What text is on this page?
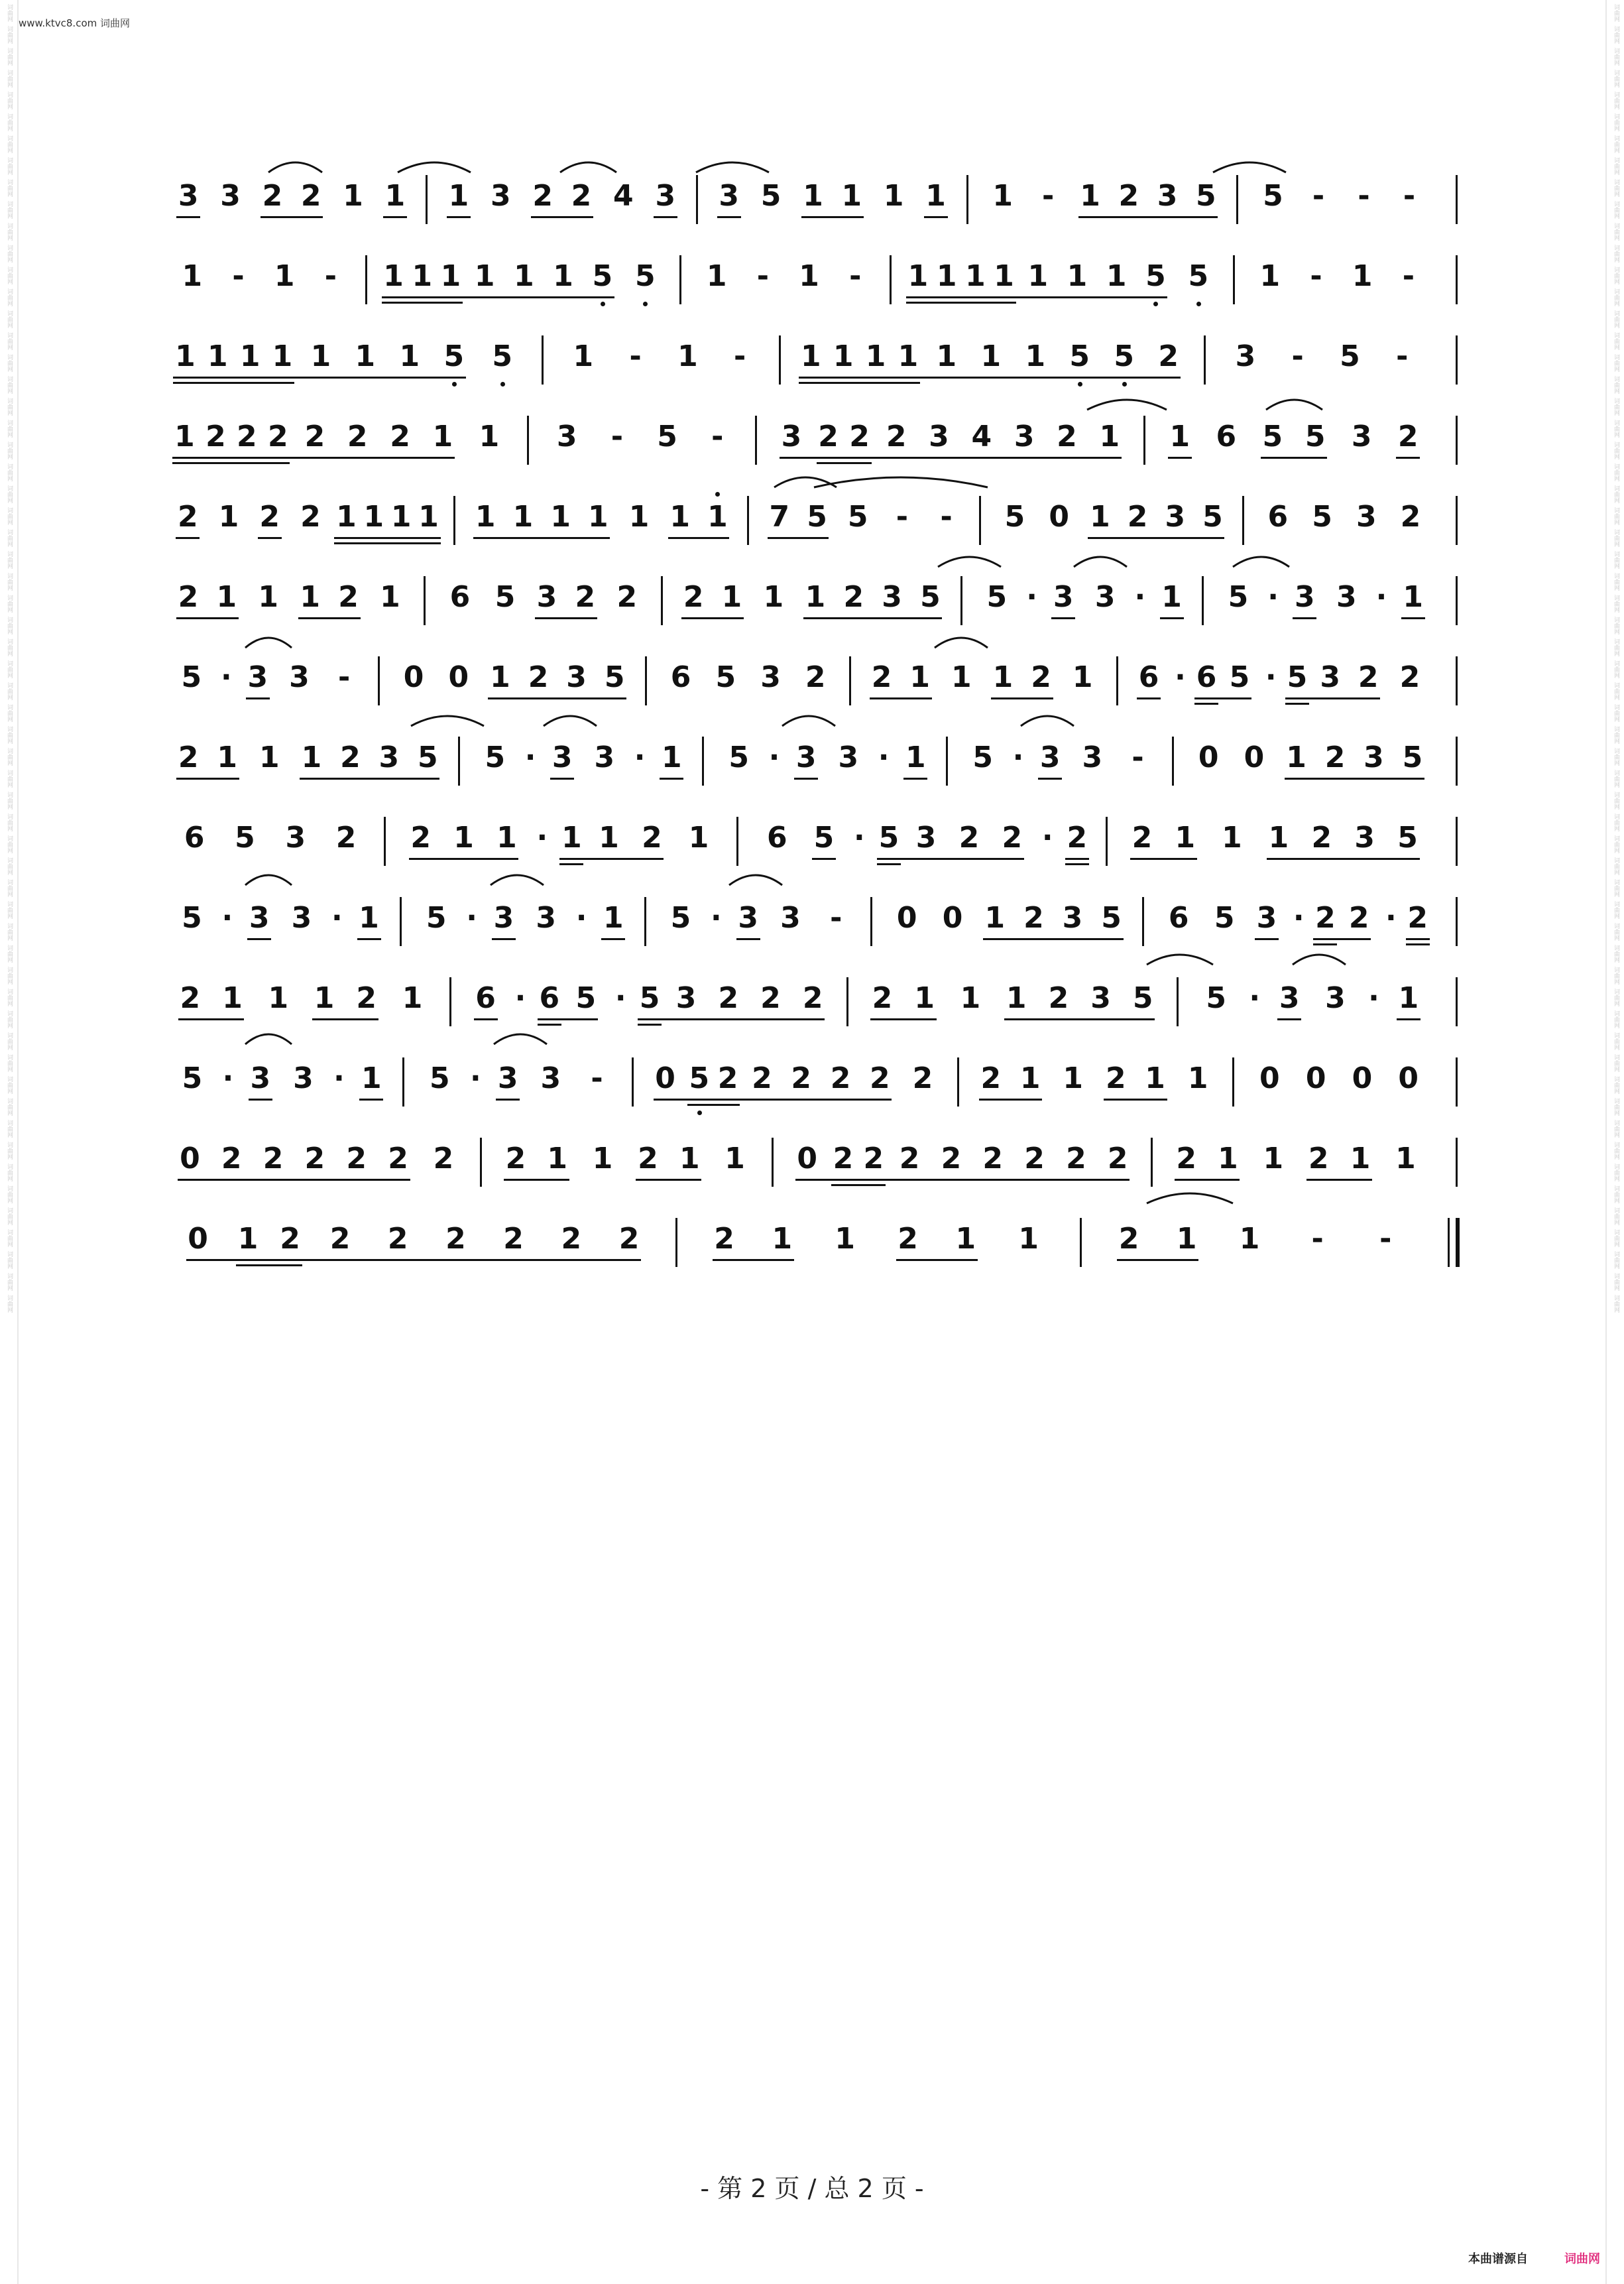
词曲网
词曲网
词曲网
词曲网
词曲网
词曲网
词曲网
词曲网
词曲网
词曲网
词曲网
词曲网
词曲网
词曲网
词曲网
词曲网
词曲网
词曲网
词曲网
词曲网
词曲网
词曲网
词曲网
词曲网
词曲网
词曲网
词曲网
词曲网
词曲网
词曲网
词曲网
词曲网
词曲网
词曲网
词曲网
词曲网
词曲网
词曲网
词曲网
词曲网
词曲网
词曲网
词曲网
词曲网
词曲网
词曲网
词曲网
词曲网
词曲网
词曲网
词曲网
词曲网
词曲网
词曲网
词曲网
词曲网
词曲网
词曲网
词曲网
词曲网
词曲网
词曲网
词曲网
词曲网
词曲网
词曲网
词曲网
词曲网
词曲网
词曲网
词曲网
词曲网
词曲网
词曲网
词曲网
词曲网
词曲网
词曲网
词曲网
词曲网
词曲网
词曲网
词曲网
词曲网
词曲网
词曲网
词曲网
词曲网
词曲网
词曲网
词曲网
词曲网
词曲网
词曲网
词曲网
词曲网
词曲网
词曲网
词曲网
词曲网
词曲网
词曲网
词曲网
词曲网
词曲网
词曲网
词曲网
词曲网
词曲网
词曲网
词曲网
词曲网
词曲网
词曲网
词曲网
词曲网
词曲网
词曲网
词曲网
词曲网
www.ktvc8.com 词曲网
3 3 2 2 1 1 1 3 2 2 4 3 3 5 1 1 1 1 1 - 1 2 3 5 5 - - -
1 - 1 - 1 1 1 1 1 1 5 5 1 - 1 - 1 1 1 1 1 1 1 5 5 1 - 1 -
1 1 1 1 1 1 1 5 5 1 - 1 - 1 1 1 1 1 1 1 5 5 2 3 - 5 -
1 2 2 2 2 2 2 1 1 3 - 5 - 3 2 2 2 3 4 3 2 1 1 6 5 5 3 2
2 1 2 2 1 1 1 1 1 1 1 1 1 1 1 7 5 5 - - 5 0 1 2 3 5 6 5 3 2
2 1 1 1 2 1 6 5 3 2 2 2 1 1 1 2 3 5 5 · 3 3 · 1 5 · 3 3 · 1
5 · 3 3 - 0 0 1 2 3 5 6 5 3 2 2 1 1 1 2 1 6 · 6 5 · 5 3 2 2
2 1 1 1 2 3 5 5 · 3 3 · 1 5 · 3 3 · 1 5 · 3 3 - 0 0 1 2 3 5
6 5 3 2 2 1 1 · 1 1 2 1 6 5 · 5 3 2 2 · 2 2 1 1 1 2 3 5
5 · 3 3 · 1 5 · 3 3 · 1 5 · 3 3 - 0 0 1 2 3 5 6 5 3 · 2 2 · 2
2 1 1 1 2 1 6 · 6 5 · 5 3 2 2 2 2 1 1 1 2 3 5 5 · 3 3 · 1
5 · 3 3 · 1 5 · 3 3 - 0 5 2 2 2 2 2 2 2 1 1 2 1 1 0 0 0 0
0 2 2 2 2 2 2 2 1 1 2 1 1 0 2 2 2 2 2 2 2 2 2 1 1 2 1 1
0 1 2 2 2 2 2 2 2	2 1 1 2 1 1	2 1 1 - -
- 第 2 页 / 总 2 页 -
本曲谱源自	词曲网
